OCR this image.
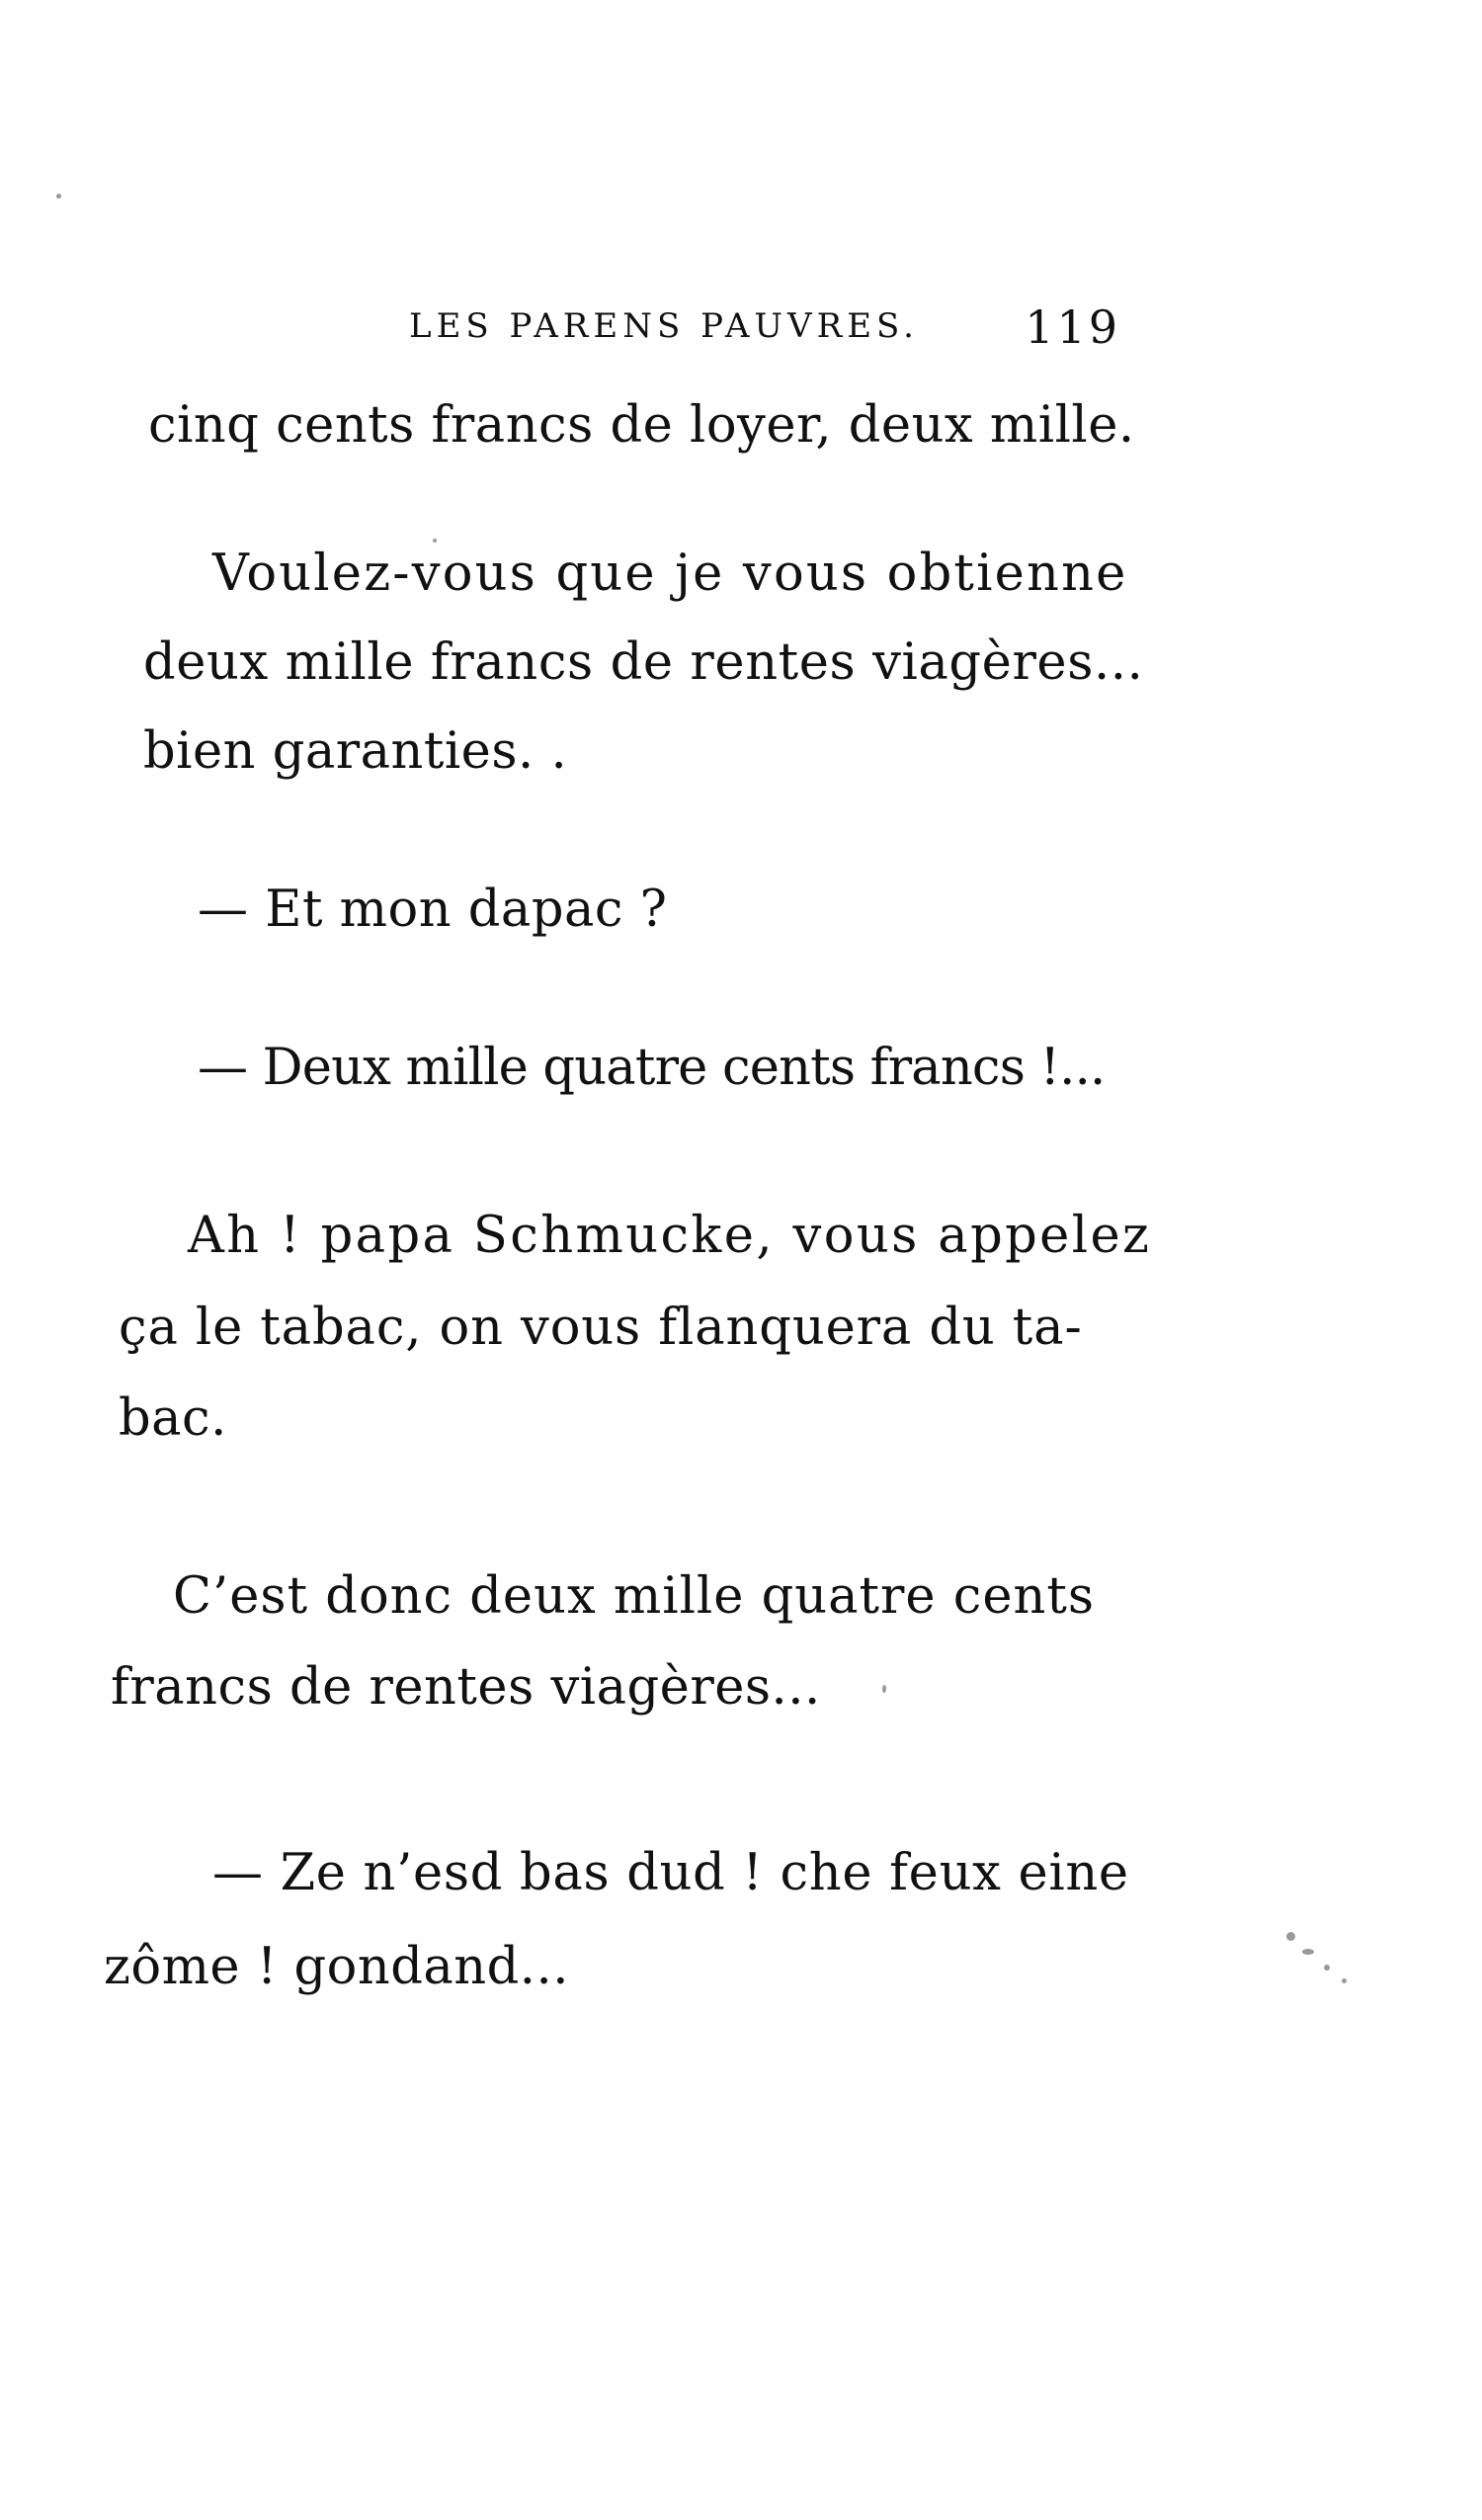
LES PARENS PAUVRES. 119
cinq cents francs de loyer, deux mille.
Voulez-vous que je vous obtienne
deux mille francs de rentes viagères...
bien garanties. .
— Et mon dapac ?
— Deux mille quatre cents francs !...
Ah ! papa Schmucke, vous appelez
ça le tabac, on vous flanquera du ta-
bac.
C’est donc deux mille quatre cents
francs de rentes viagères...
— Ze n’esd bas dud ! che feux eine
zôme ! gondand...
